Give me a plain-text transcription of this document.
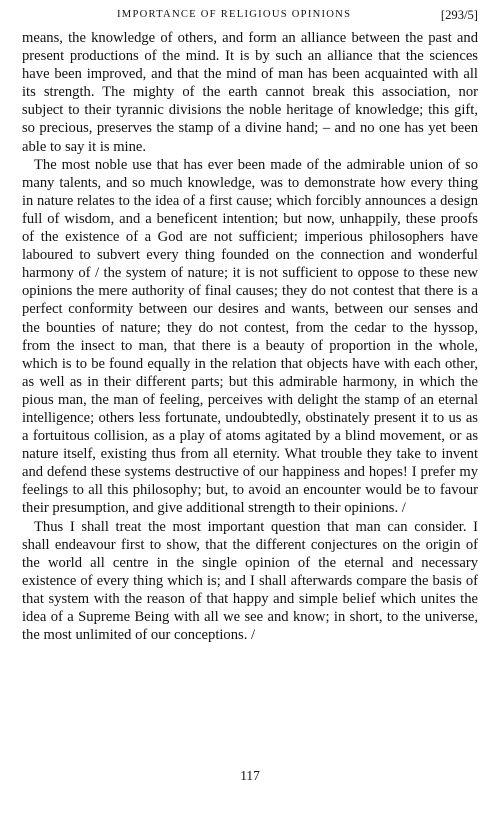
IMPORTANCE OF RELIGIOUS OPINIONS	[293/5]
means, the knowledge of others, and form an alliance between the past and
present productions of the mind. It is by such an alliance that the sciences
have been improved, and that the mind of man has been acquainted with all
its strength. The mighty of the earth cannot break this association, nor
subject to their tyrannic divisions the noble heritage of knowledge; this gift,
so precious, preserves the stamp of a divine hand; – and no one has yet been
able to say it is mine.
The most noble use that has ever been made of the admirable union of so
many talents, and so much knowledge, was to demonstrate how every thing
in nature relates to the idea of a first cause; which forcibly announces a design
full of wisdom, and a beneficent intention; but now, unhappily, these proofs
of the existence of a God are not sufficient; imperious philosophers have
laboured to subvert every thing founded on the connection and wonderful
harmony of / the system of nature; it is not sufficient to oppose to these new
opinions the mere authority of final causes; they do not contest that there is a
perfect conformity between our desires and wants, between our senses and
the bounties of nature; they do not contest, from the cedar to the hyssop,
from the insect to man, that there is a beauty of proportion in the whole,
which is to be found equally in the relation that objects have with each other,
as well as in their different parts; but this admirable harmony, in which the
pious man, the man of feeling, perceives with delight the stamp of an eternal
intelligence; others less fortunate, undoubtedly, obstinately present it to us as
a fortuitous collision, as a play of atoms agitated by a blind movement, or as
nature itself, existing thus from all eternity. What trouble they take to invent
and defend these systems destructive of our happiness and hopes! I prefer my
feelings to all this philosophy; but, to avoid an encounter would be to favour
their presumption, and give additional strength to their opinions. /
Thus I shall treat the most important question that man can consider. I
shall endeavour first to show, that the different conjectures on the origin of
the world all centre in the single opinion of the eternal and necessary
existence of every thing which is; and I shall afterwards compare the basis of
that system with the reason of that happy and simple belief which unites the
idea of a Supreme Being with all we see and know; in short, to the universe,
the most unlimited of our conceptions. /
117
